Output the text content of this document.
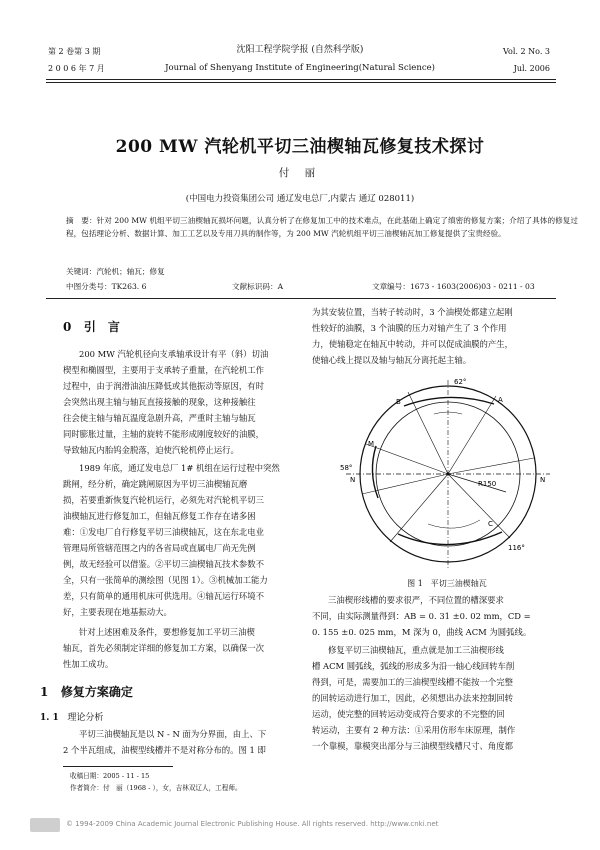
第 2 卷第 3 期
2 0 0 6 年 7 月
沈阳工程学院学报 (自然科学版)
Journal of Shenyang Institute of Engineering(Natural Science)
Vol. 2 No. 3
Jul. 2006
200 MW 汽轮机平切三油楔轴瓦修复技术探讨
付 丽
(中国电力投资集团公司 通辽发电总厂,内蒙古 通辽 028011)
摘　要：针对 200 MW 机组平切三油楔轴瓦损坏问题，认真分析了在修复加工中的技术难点，在此基础上确定了缜密的修复方案；介绍了具体的修复过程，包括理论分析、数据计算、加工工艺以及专用刀具的制作等，为 200 MW 汽轮机组平切三油楔轴瓦加工修复提供了宝贵经验。
关键词：汽轮机；轴瓦；修复
中图分类号：TK263. 6	文献标识码：A	文章编号：1673 - 1603(2006)03 - 0211 - 03
0 引　言
200 MW 汽轮机径向支承轴承设计有平（斜）切油
楔型和椭圆型，主要用于支承转子重量，在汽轮机工作
过程中，由于润滑油油压降低或其他振动等原因，有时
会突然出现主轴与轴瓦直接接触的现象，这种接触往
往会使主轴与轴瓦温度急剧升高，严重时主轴与轴瓦
同时膨胀过量，主轴的旋转不能形成刚度较好的油膜，
导致轴瓦内胎钨金脱落，迫使汽轮机停止运行。
1989 年底，通辽发电总厂 1# 机组在运行过程中突然
跳闸，经分析，确定跳闸原因为平切三油楔轴瓦磨
损，若要重新恢复汽轮机运行，必须先对汽轮机平切三
油楔轴瓦进行修复加工，但轴瓦修复工作存在诸多困
难：①发电厂自行修复平切三油楔轴瓦，这在东北电业
管理局所管辖范围之内的各省局或直属电厂尚无先例
例，故无经验可以借鉴。②平切三油楔轴瓦技术参数不
全，只有一张简单的测绘图（见图 1）。③机械加工能力
差，只有简单的通用机床可供选用。④轴瓦运行环境不
好，主要表现在地基振动大。
针对上述困难及条件，要想修复加工平切三油楔
轴瓦，首先必须制定详细的修复加工方案，以确保一次
性加工成功。
1 修复方案确定
1. 1 理论分析
平切三油楔轴瓦是以 N - N 面为分界面，由上、下
2 个半瓦组成，油楔型线槽并不是对称分布的。图 1 即
收稿日期：2005 - 11 - 15
作者简介：付　丽（1968 - ），女，吉林双辽人，工程师。
为其安装位置，当转子转动时，3 个油楔处都建立起刚
性较好的油膜，3 个油膜的压力对轴产生了 3 个作用
力，使轴稳定在轴瓦中转动，并可以促成油膜的产生，
使轴心线上提以及轴与轴瓦分离托起主轴。
62°
58°
116°
B	A
M
C
N	N
R150
图 1　平切三油楔轴瓦
三油楔形线槽的要求很严，不同位置的槽深要求
不同，由实际测量得到：AB = 0. 31 ±0. 02 mm，CD =
0. 155 ±0. 025 mm，M 深为 0，曲线 ACM 为圆弧线。
修复平切三油楔轴瓦，重点就是加工三油楔形线
槽 ACM 圆弧线，弧线的形成多为沿一轴心线回转车削
得到，可是，需要加工的三油楔型线槽不能按一个完整
的回转运动进行加工，因此，必须想出办法来控制回转
运动，使完整的回转运动变成符合要求的不完整的回
转运动，主要有 2 种方法：①采用仿形车床原理，制作
一个靠模，靠模突出部分与三油楔型线槽尺寸、角度都
© 1994-2009 China Academic Journal Electronic Publishing House. All rights reserved. http://www.cnki.net
